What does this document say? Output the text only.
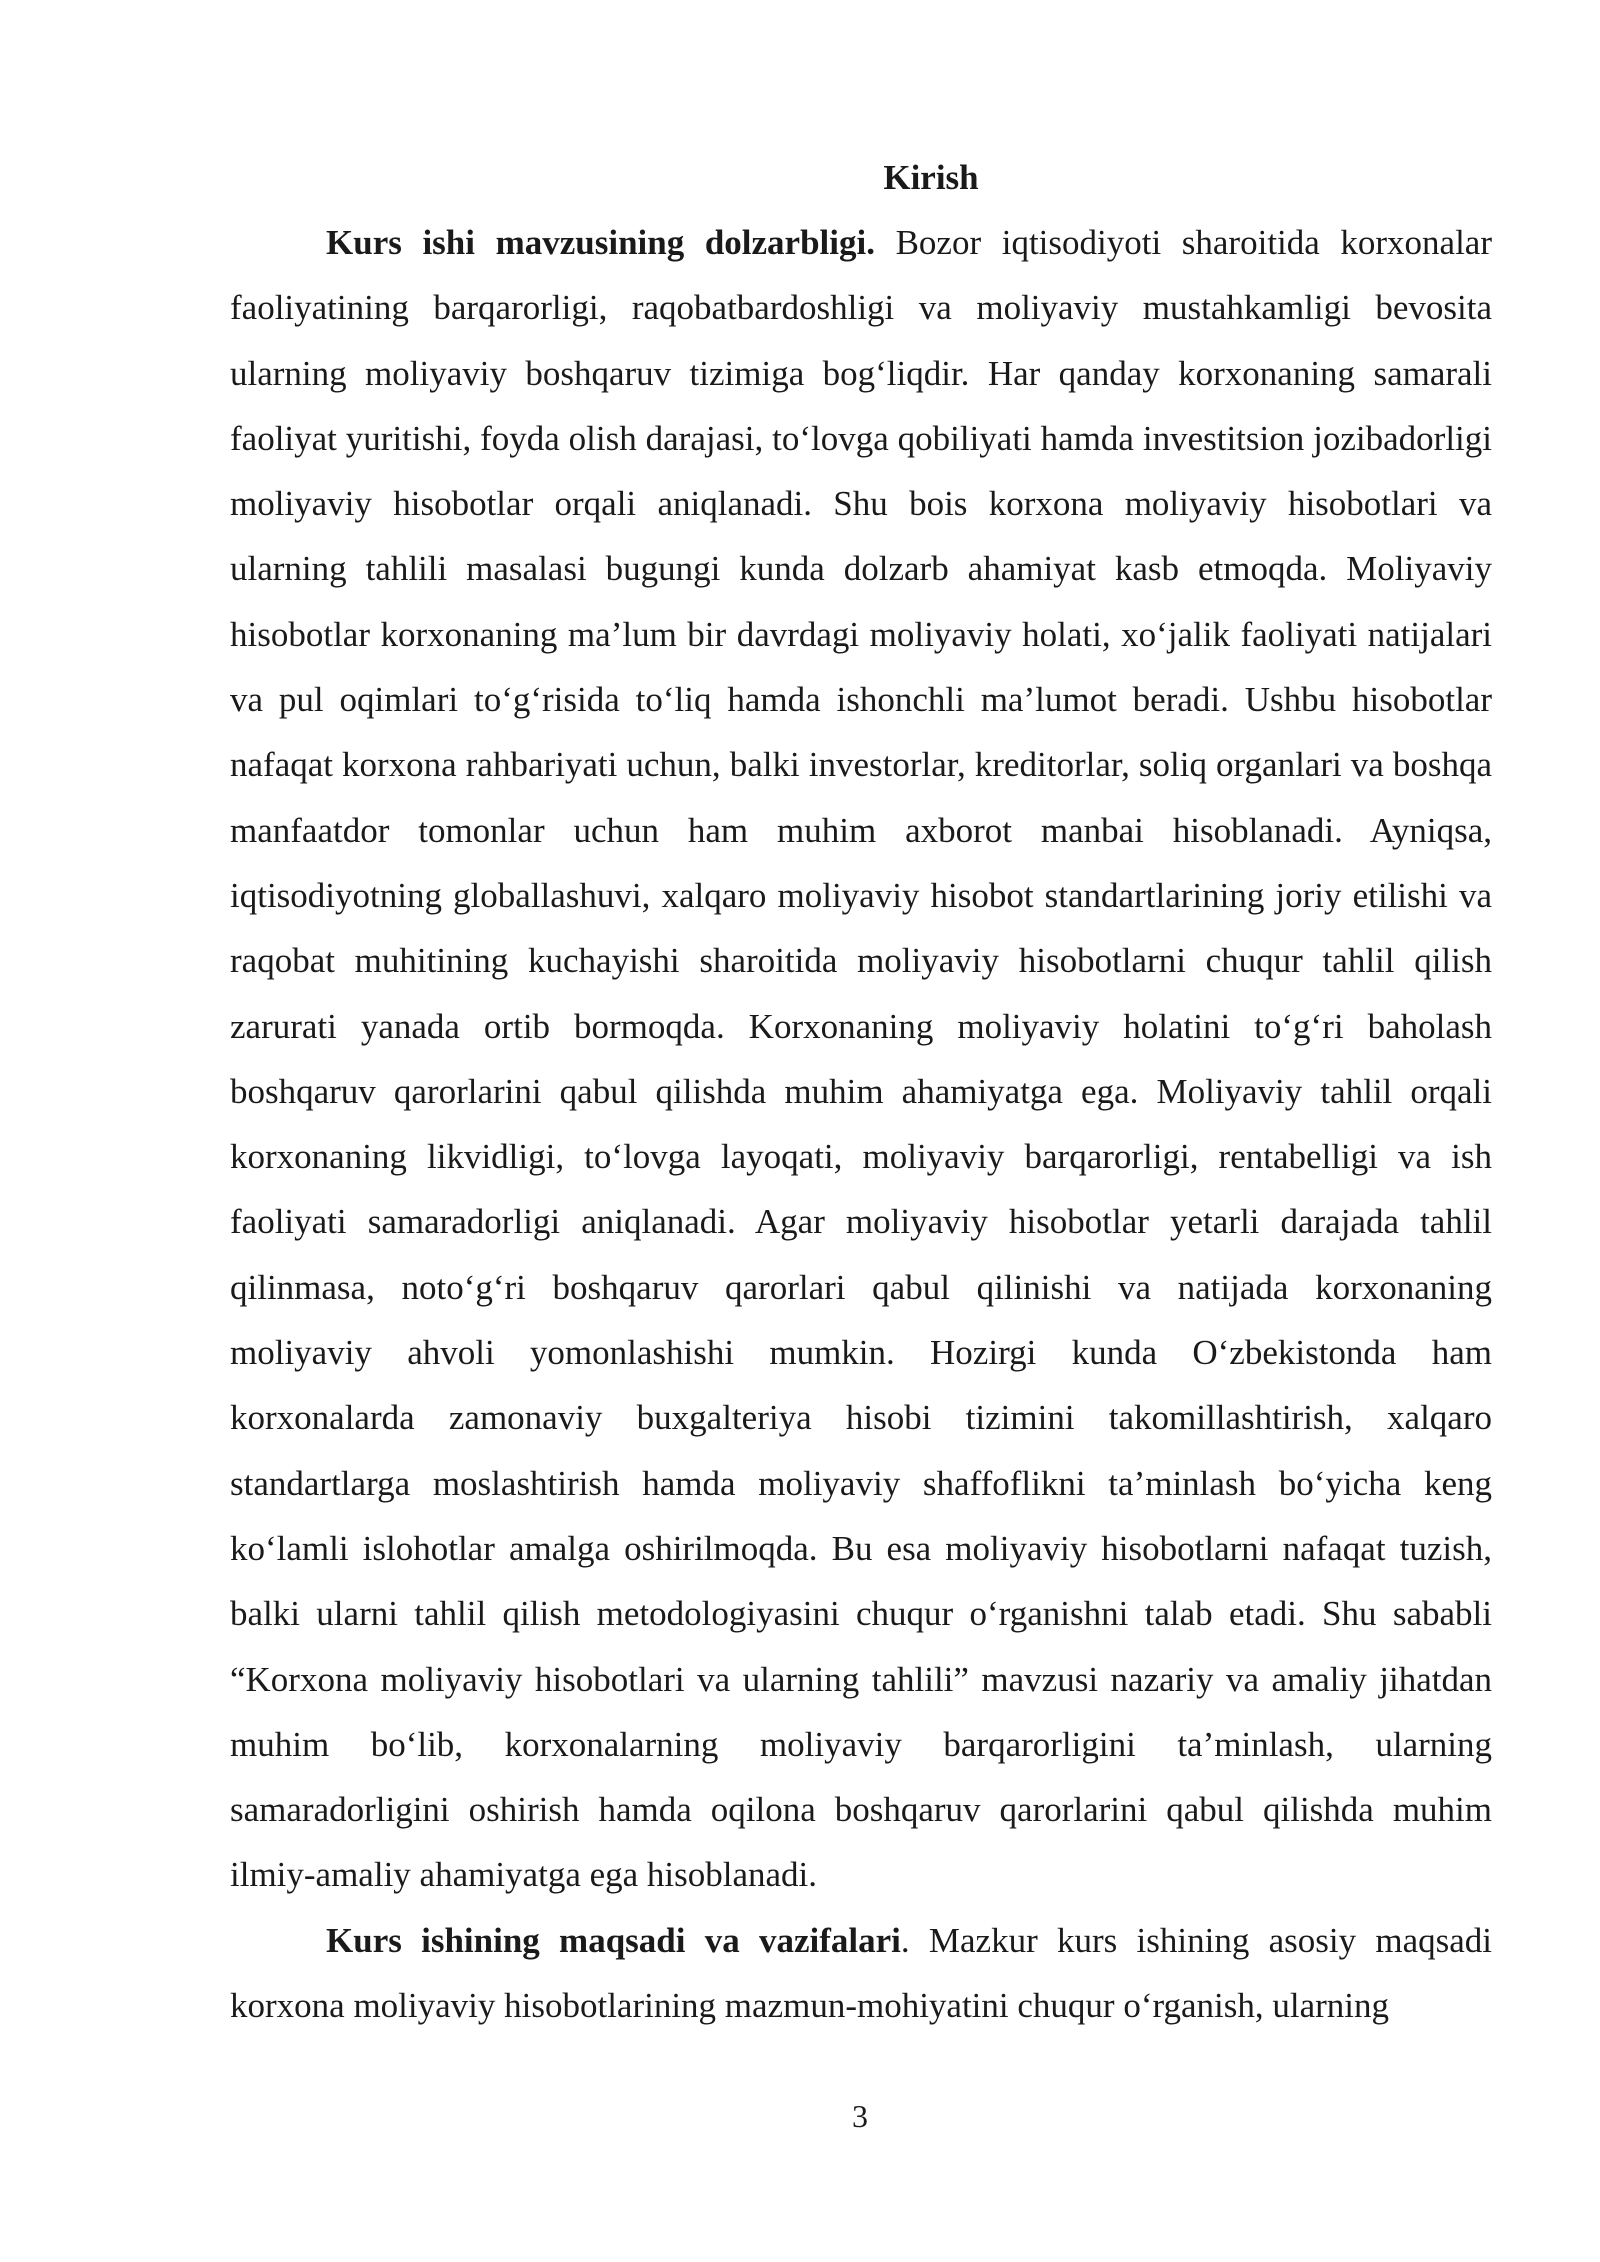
Kirish

Kurs ishi mavzusining dolzarbligi. Bozor iqtisodiyoti sharoitida korxonalar faoliyatining barqarorligi, raqobatbardoshligi va moliyaviy mustahkamligi bevosita ularning moliyaviy boshqaruv tizimiga bog‘liqdir. Har qanday korxonaning samarali faoliyat yuritishi, foyda olish darajasi, to‘lovga qobiliyati hamda investitsion jozibadorligi moliyaviy hisobotlar orqali aniqlanadi. Shu bois korxona moliyaviy hisobotlari va ularning tahlili masalasi bugungi kunda dolzarb ahamiyat kasb etmoqda. Moliyaviy hisobotlar korxonaning ma’lum bir davrdagi moliyaviy holati, xo‘jalik faoliyati natijalari va pul oqimlari to‘g‘risida to‘liq hamda ishonchli ma’lumot beradi. Ushbu hisobotlar nafaqat korxona rahbariyati uchun, balki investorlar, kreditorlar, soliq organlari va boshqa manfaatdor tomonlar uchun ham muhim axborot manbai hisoblanadi. Ayniqsa, iqtisodiyotning globallashuvi, xalqaro moliyaviy hisobot standartlarining joriy etilishi va raqobat muhitining kuchayishi sharoitida moliyaviy hisobotlarni chuqur tahlil qilish zarurati yanada ortib bormoqda. Korxonaning moliyaviy holatini to‘g‘ri baholash boshqaruv qarorlarini qabul qilishda muhim ahamiyatga ega. Moliyaviy tahlil orqali korxonaning likvidligi, to‘lovga layoqati, moliyaviy barqarorligi, rentabelligi va ish faoliyati samaradorligi aniqlanadi. Agar moliyaviy hisobotlar yetarli darajada tahlil qilinmasa, noto‘g‘ri boshqaruv qarorlari qabul qilinishi va natijada korxonaning moliyaviy ahvoli yomonlashishi mumkin. Hozirgi kunda O‘zbekistonda ham korxonalarda zamonaviy buxgalteriya hisobi tizimini takomillashtirish, xalqaro standartlarga moslashtirish hamda moliyaviy shaffoflikni ta’minlash bo‘yicha keng ko‘lamli islohotlar amalga oshirilmoqda. Bu esa moliyaviy hisobotlarni nafaqat tuzish, balki ularni tahlil qilish metodologiyasini chuqur o‘rganishni talab etadi. Shu sababli “Korxona moliyaviy hisobotlari va ularning tahlili” mavzusi nazariy va amaliy jihatdan muhim bo‘lib, korxonalarning moliyaviy barqarorligini ta’minlash, ularning samaradorligini oshirish hamda oqilona boshqaruv qarorlarini qabul qilishda muhim ilmiy-amaliy ahamiyatga ega hisoblanadi.

Kurs ishining maqsadi va vazifalari. Mazkur kurs ishining asosiy maqsadi korxona moliyaviy hisobotlarining mazmun-mohiyatini chuqur o‘rganish, ularning

3
